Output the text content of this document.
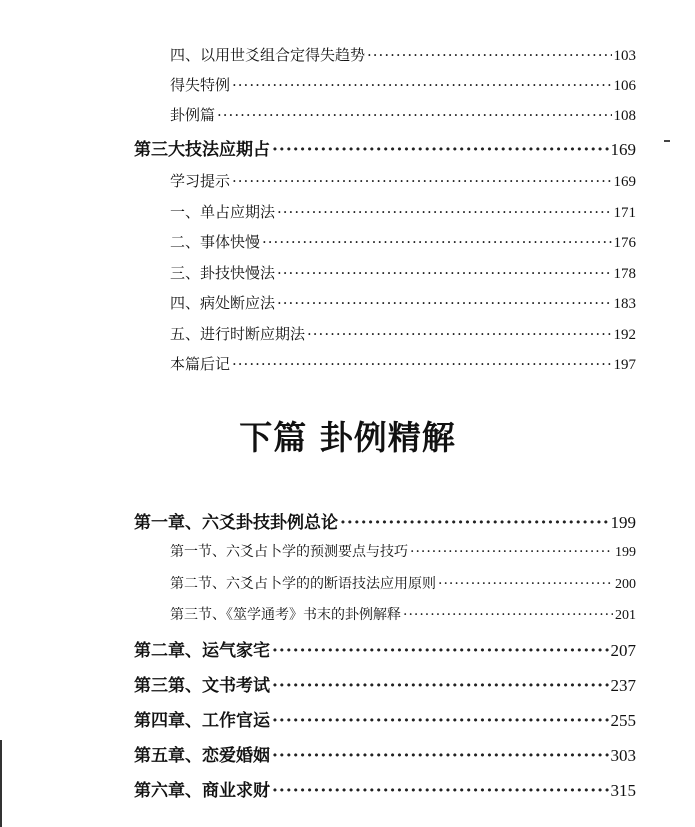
四、以用世爻组合定得失趋势 ·····	103
得失特例 ·····	106
卦例篇 ·····	108
第三大技法应期占 ·····	169
学习提示 ·····	169
一、单占应期法 ·····	171
二、事体快慢 ·····	176
三、卦技快慢法 ·····	178
四、病处断应法 ·····	183
五、进行时断应期法 ·····	192
本篇后记 ·····	197
下篇 卦例精解
第一章、六爻卦技卦例总论 ·····	199
第一节、六爻占卜学的预测要点与技巧 ·····	199
第二节、六爻占卜学的的断语技法应用原则 ·····	200
第三节、《筮学通考》书末的卦例解释 ·····	201
第二章、运气家宅 ·····	207
第三第、文书考试 ·····	237
第四章、工作官运 ·····	255
第五章、恋爱婚姻 ·····	303
第六章、商业求财 ·····	315
